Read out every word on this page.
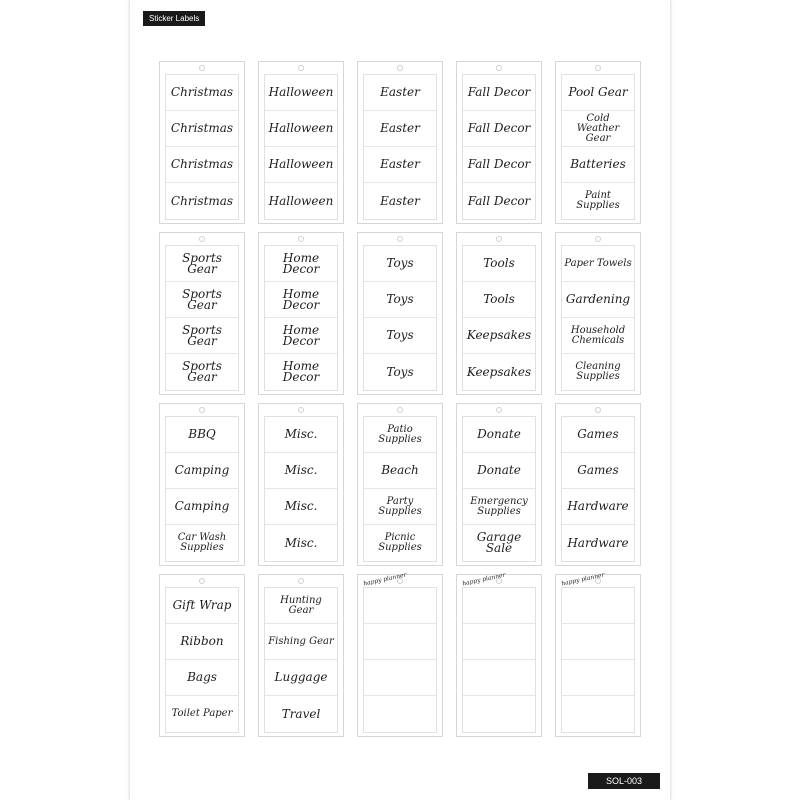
Sticker Labels
Christmas
Christmas
Christmas
Christmas
Halloween
Halloween
Halloween
Halloween
Easter
Easter
Easter
Easter
Fall Decor
Fall Decor
Fall Decor
Fall Decor
Pool Gear
Cold Weather Gear
Batteries
Paint Supplies
Sports Gear
Sports Gear
Sports Gear
Sports Gear
Home Decor
Home Decor
Home Decor
Home Decor
Toys
Toys
Toys
Toys
Tools
Tools
Keepsakes
Keepsakes
Paper Towels
Gardening
Household Chemicals
Cleaning Supplies
BBQ
Camping
Camping
Car Wash Supplies
Misc.
Misc.
Misc.
Misc.
Patio Supplies
Beach
Party Supplies
Picnic Supplies
Donate
Donate
Emergency Supplies
Garage Sale
Games
Games
Hardware
Hardware
Gift Wrap
Ribbon
Bags
Toilet Paper
Hunting Gear
Fishing Gear
Luggage
Travel
happy planner	happy planner	happy planner
SOL-003
